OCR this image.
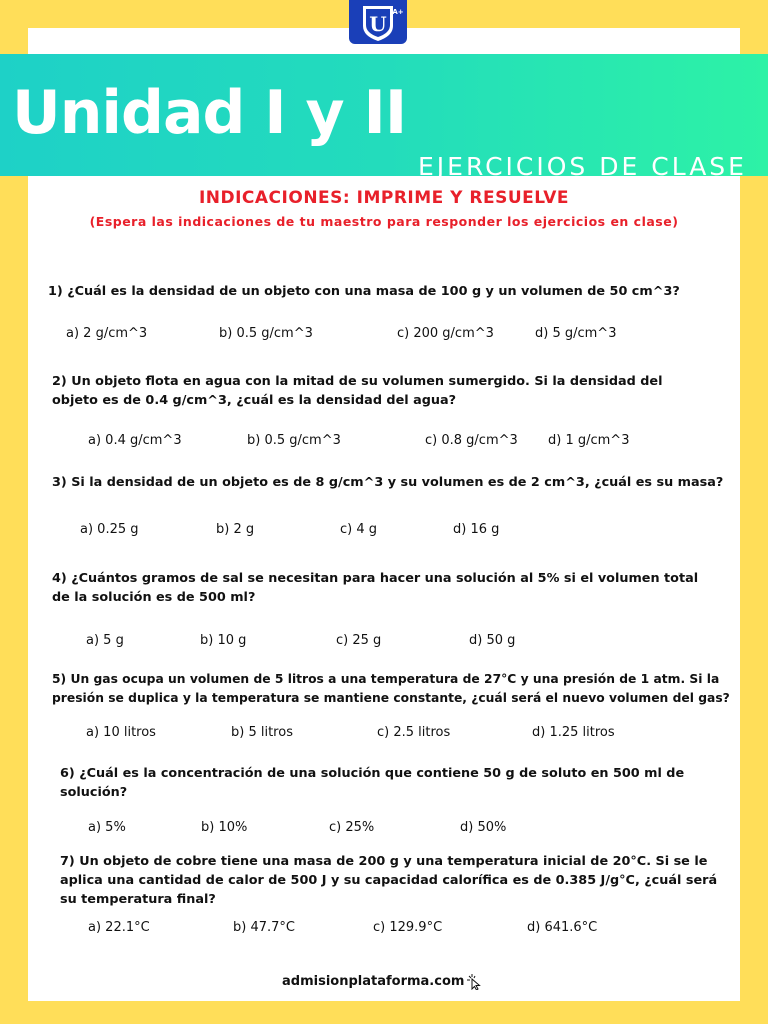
U A+
Unidad I y II
EJERCICIOS DE CLASE
INDICACIONES: IMPRIME Y RESUELVE
(Espera las indicaciones de tu maestro para responder los ejercicios en clase)
1) ¿Cuál es la densidad de un objeto con una masa de 100 g y un volumen de 50 cm^3?
a) 2 g/cm^3	b) 0.5 g/cm^3	c) 200 g/cm^3	d) 5 g/cm^3
2) Un objeto flota en agua con la mitad de su volumen sumergido. Si la densidad del
objeto es de 0.4 g/cm^3, ¿cuál es la densidad del agua?
a) 0.4 g/cm^3	b) 0.5 g/cm^3	c) 0.8 g/cm^3 d) 1 g/cm^3
3) Si la densidad de un objeto es de 8 g/cm^3 y su volumen es de 2 cm^3, ¿cuál es su masa?
a) 0.25 g	b) 2 g	c) 4 g	d) 16 g
4) ¿Cuántos gramos de sal se necesitan para hacer una solución al 5% si el volumen total
de la solución es de 500 ml?
a) 5 g	b) 10 g	c) 25 g	d) 50 g
5) Un gas ocupa un volumen de 5 litros a una temperatura de 27°C y una presión de 1 atm. Si la
presión se duplica y la temperatura se mantiene constante, ¿cuál será el nuevo volumen del gas?
a) 10 litros	b) 5 litros	c) 2.5 litros	d) 1.25 litros
6) ¿Cuál es la concentración de una solución que contiene 50 g de soluto en 500 ml de
solución?
a) 5%	b) 10%	c) 25%	d) 50%
7) Un objeto de cobre tiene una masa de 200 g y una temperatura inicial de 20°C. Si se le
aplica una cantidad de calor de 500 J y su capacidad calorífica es de 0.385 J/g°C, ¿cuál será
su temperatura final?
a) 22.1°C	b) 47.7°C	c) 129.9°C	d) 641.6°C
admisionplataforma.com
